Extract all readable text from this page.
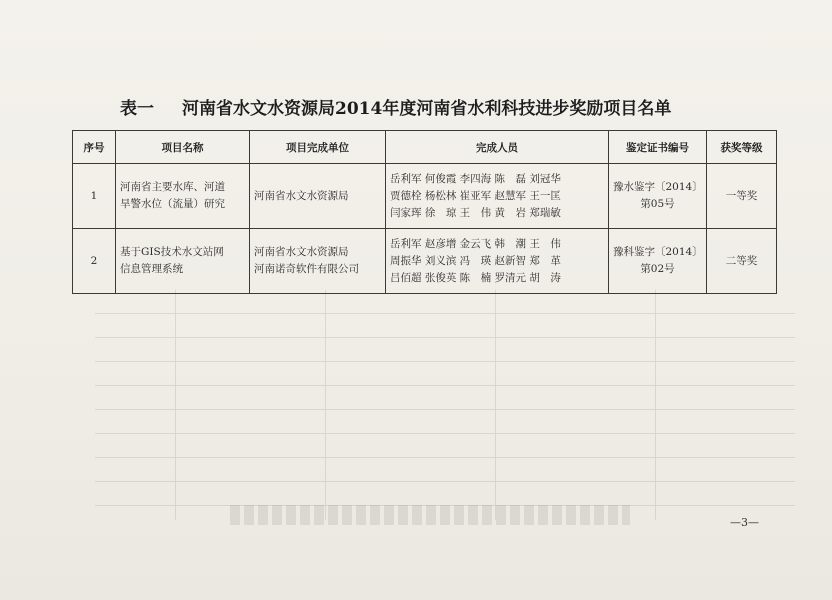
表一 河南省水文水资源局2014年度河南省水利科技进步奖励项目名单
序号	项目名称	项目完成单位	完成人员	鉴定证书编号	获奖等级
1	河南省主要水库、河道
旱警水位（流量）研究	河南省水文水资源局	岳利军 何俊霞 李四海 陈　磊 刘冠华
贾德栓 杨松林 崔亚军 赵慧军 王一匡
闫家珲 徐　琼 王　伟 黄　岩 郑瑞敏	豫水鉴字〔2014〕
第05号	一等奖
2	基于GIS技术水文站网
信息管理系统	河南省水文水资源局
河南诺奇软件有限公司	岳利军 赵彦增 金云飞 韩　潮 王　伟
周振华 刘义滨 冯　瑛 赵新智 郑　革
吕佰超 张俊英 陈　楠 罗清元 胡　涛	豫科鉴字〔2014〕
第02号	二等奖
—3—
